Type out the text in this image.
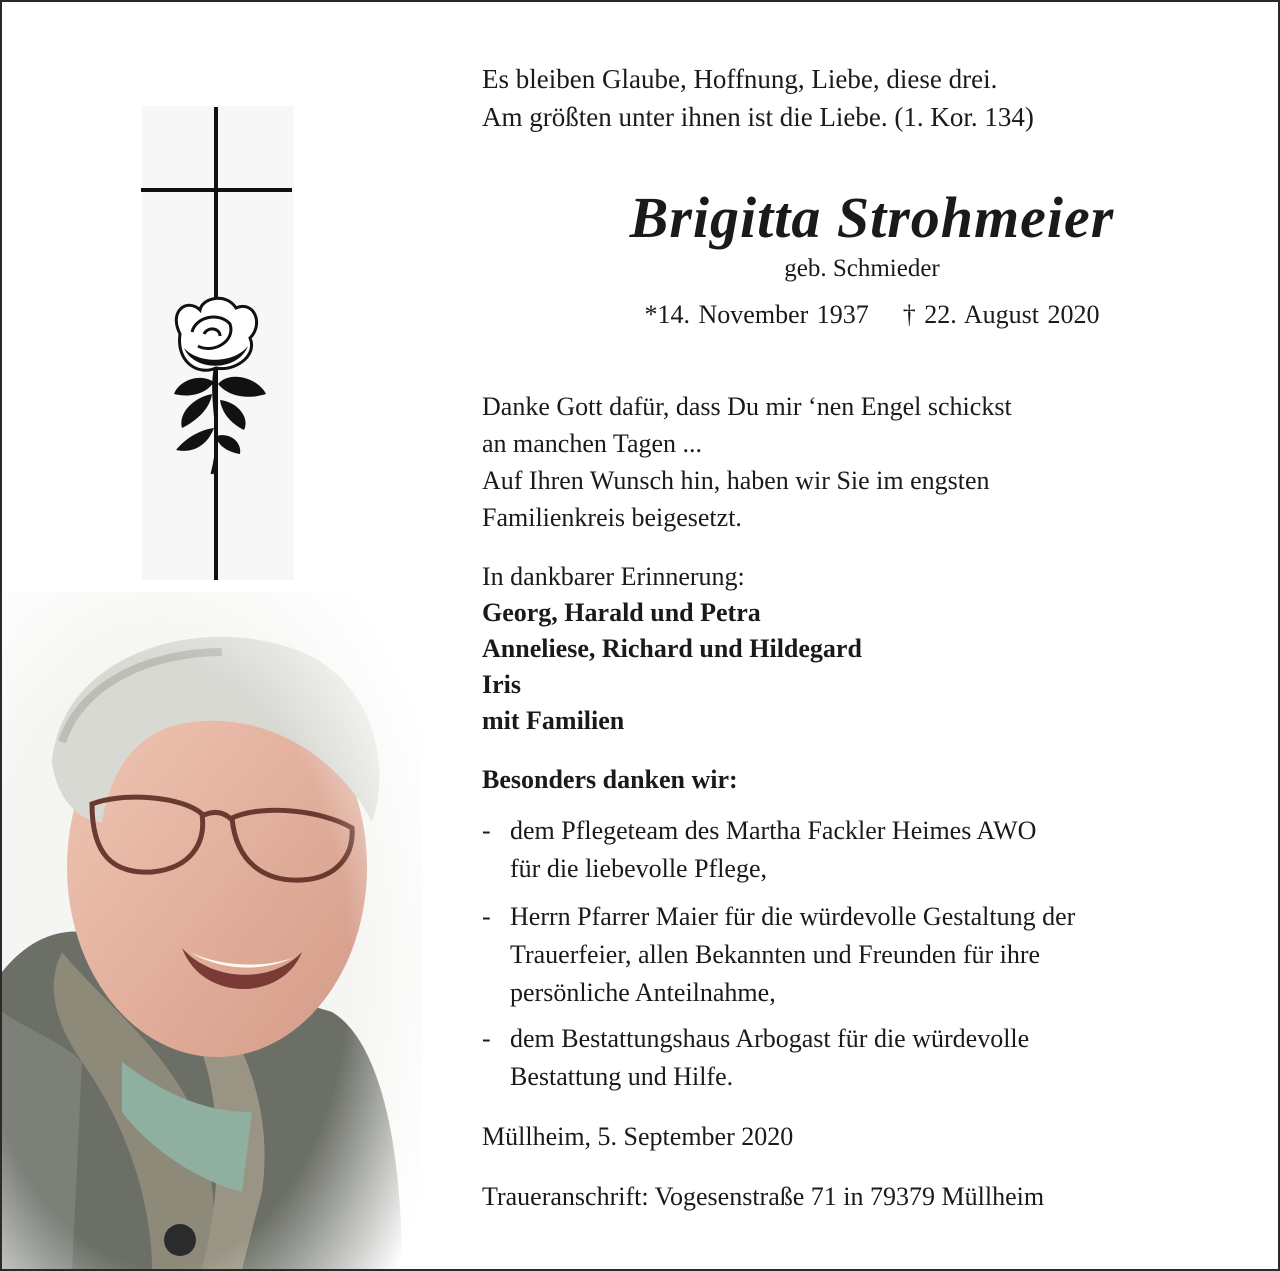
Es bleiben Glaube, Hoffnung, Liebe, diese drei.
Am größten unter ihnen ist die Liebe. (1. Kor. 134)
Brigitta Strohmeier
geb. Schmieder
*14. November 1937 † 22. August 2020
Danke Gott dafür, dass Du mir ‘nen Engel schickst
an manchen Tagen ...
Auf Ihren Wunsch hin, haben wir Sie im engsten
Familienkreis beigesetzt.
In dankbarer Erinnerung:
Georg, Harald und Petra
Anneliese, Richard und Hildegard
Iris
mit Familien
Besonders danken wir:
- dem Pflegeteam des Martha Fackler Heimes AWO
für die liebevolle Pflege,
- Herrn Pfarrer Maier für die würdevolle Gestaltung der
Trauerfeier, allen Bekannten und Freunden für ihre
persönliche Anteilnahme,
- dem Bestattungshaus Arbogast für die würdevolle
Bestattung und Hilfe.
Müllheim, 5. September 2020
Traueranschrift: Vogesenstraße 71 in 79379 Müllheim
